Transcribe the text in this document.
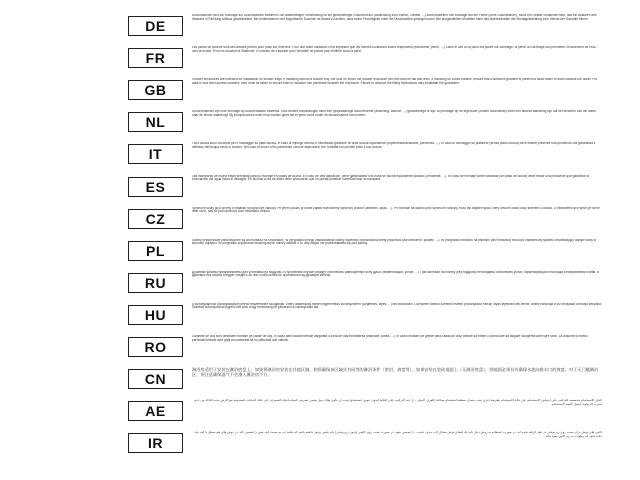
DE
Duschkabinen sind zur Montage auf Duschwannen bestimmt. Bei anderweitiger Verwendung ist ein gleichwertiger Duschbereich (Abdichtung zum Estrich, Gefälle, ...) sicherzustellen. Bei Montage auf der Fliese (ohne Duschwanne), muss ein Gefälle vorhanden sein, das ein Ablaufen des Wassers in Richtung Abfluss gewährleistet. Bei bodenebenen und begehbaren Duschen ist darauf zu achten, dass keine Feuchtigkeit unter die Duschkabine gelangen kann. Bei ausgewählten Modellen kann das Nichteinhalten der Montageanleitung zum Verlust der Garantie führen.
FR
Les parois de douche sont des articles prévus pour pose sur receveur. Pour une autre utilisation il est important que les mêmes conditions soient respectées (étanchéité, pente, ...). Dans le cas où la paroi est posée sur carrelage, la pente du carrelage doit permettre l'écoulement de l'eau vers la bonde. Pour les douches à l'italienne, il convient de s'assurer que l'humidité ne puisse pas s'infiltrer sous la paroi.
GB
Shower enclosures are intended for installation on shower trays. If installing without a shower tray, the floor on which the shower enclosure will rest must be flat and level. If installing on a tiled surface, ensure that a sufficient gradient is present to allow water to drain towards the outlet. For walk-in and level-access showers, care must be taken to ensure that no moisture can penetrate beneath the enclosure. Failure to observe the fitting instructions may invalidate the guarantee.
NL
Douchecabines zijn voor montage op douchebakken bestemd. Voor andere toepassingen dient een gelijkwaardige doucheruimte (afdichting, afschot, ...) gewaarborgd te zijn. Bij montage op de tegelvloer (zonder douchebak) moet een afschot aanwezig zijn dat het afvoeren van het water naar de afvoer waarborgt. Bij inloopdouches moet erop worden gelet dat er geen vocht onder de douchecabine kan komen.
IT
I box doccia sono concepiti per il montaggio su piatti doccia. In caso di impiego diverso è necessario garantire un'area doccia equivalente (impermeabilizzazione, pendenza, ...). In caso di montaggio su piastrelle (senza piatto doccia) deve essere presente una pendenza che garantisca il deflusso dell'acqua verso lo scarico. Nel caso di docce a filo pavimento occorre assicurarsi che l'umidità non penetri sotto il box doccia.
ES
Las mamparas de ducha están previstas para su montaje en platos de ducha. En caso de otra aplicación, debe garantizarse una zona de ducha equivalente (sellado, pendiente, ...). En caso de montaje sobre baldosas (sin plato de ducha) debe existir una pendiente que garantice la evacuación del agua hacia el desagüe. En duchas a ras de suelo debe procurarse que no pueda penetrar humedad bajo la mampara.
CZ
Sprchové kouty jsou určeny k instalaci na sprchové vaničky. Při jiném použití je nutné zajistit rovnocenný sprchový prostor (utěsnění, spád, ...). Při montáži na dlažbu (bez sprchové vaničky) musí být zajištěn spád, který umožní odtok vody směrem k odtoku. U bezbariérových sprch je nutné dbát na to, aby se pod sprchový kout nedostala vlhkost.
PL
Kabiny prysznicowe przeznaczone są do montażu na brodzikach. W przypadku innego zastosowania należy zapewnić równoważną strefę prysznica (uszczelnienie, spadek, ...). W przypadku montażu na płytkach (bez brodzika) musi być zapewniony spadek umożliwiający odpływ wody w kierunku odpływu. W przypadku pryszniców bezprogowych należy zadbać o to, aby wilgoć nie przedostawała się pod kabinę.
RU
Душевые кабины предназначены для установки на поддоны. В противном случае следует обеспечить равноценную зону душа (герметизация, уклон, ...). При монтаже на плитку (без поддона) необходимо обеспечить уклон, гарантирующий сток воды в направлении слива. В душевых без порога следует следить за тем, чтобы влага не проникала под душевую кабину.
HU
A zuhanykabinok zuhanytálcákra történő felszerelésre szolgálnak. Eltérő alkalmazás esetén egyenértékű zuhanyzóteret (szigetelés, lejtés, ...) kell biztosítani. Csempére történő szerelés esetén (zuhanytálca nélkül) olyan lejtésnek kell lennie, amely biztosítja a víz lefolyását a lefolyó irányába. Szintbeli zuhanyzóknál ügyelni kell arra, hogy nedvesség ne juthasson a zuhanykabin alá.
RO
Cabinele de duș sunt destinate montării pe cădițe de duș. În cazul altei utilizări trebuie asigurată o zonă de duș echivalentă (etanșare, pantă, ...). În cazul montării pe gresie (fără cădiță de duș) trebuie să existe o pantă care să asigure scurgerea apei spre sifon. La dușurile la nivelul pardoselii trebuie avut grijă ca umezeala să nu pătrundă sub cabină.
CN
淋浴房适用于安装在淋浴底盘上。如果将淋浴房安装在其他区域，则须确保该区域具有同等的淋浴条件（密封、坡度等）。如果安装在瓷砖地面上（无淋浴底盘），则地面必须具有确保水流向排水口的坡度。对于无门槛淋浴区，须注意确保湿气不会渗入淋浴房下方。
AE
كبائن الاستحمام مخصصة للتركيب على أحواض الاستحمام. في حالة الاستخدام بطريقة أخرى يجب ضمان منطقة استحمام مماثلة (العزل، الميل، ...). عند التركيب على البلاط (بدون حوض استحمام) يجب أن يكون هناك ميل يضمن تصريف المياه باتجاه المصرف. في حالة الدشات المستوية مع الأرض يجب التأكد من عدم تسرب الرطوبة أسفل كابينة الاستحمام.
IR
کابین های دوش برای نصب روی زیردوشی در نظر گرفته شده اند. در صورت استفاده به روش دیگر باید یک فضای دوش معادل (آب بندی، شیب، ...) تضمین شود. در صورت نصب روی کاشی (بدون زیردوشی) باید شیبی وجود داشته باشد که تخلیه آب به سمت کف شور را تضمین کند. در دوش های هم سطح با کف باید دقت شود که رطوبت به زیر کابین نفوذ نکند.
